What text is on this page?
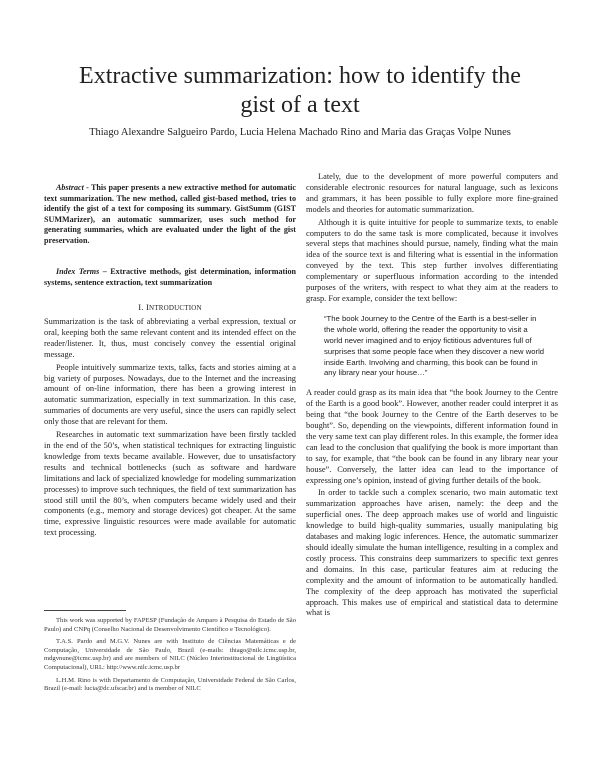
Extractive summarization: how to identify the
gist of a text
Thiago Alexandre Salgueiro Pardo, Lucia Helena Machado Rino and Maria das Graças Volpe Nunes

Abstract - This paper presents a new extractive method for automatic text summarization. The new method, called gist-based method, tries to identify the gist of a text for composing its summary. GistSumm (GIST SUMMarizer), an automatic summarizer, uses such method for generating summaries, which are evaluated under the light of the gist preservation.

Index Terms – Extractive methods, gist determination, information systems, sentence extraction, text summarization

I. INTRODUCTION

Summarization is the task of abbreviating a verbal expression, textual or oral, keeping both the same relevant content and its intended effect on the reader/listener. It, thus, must concisely convey the essential original message.

People intuitively summarize texts, talks, facts and stories aiming at a big variety of purposes. Nowadays, due to the Internet and the increasing amount of on-line information, there has been a growing interest in automatic summarization, especially in text summarization. In this case, summaries of documents are very useful, since the users can rapidly select only those that are relevant for them.

Researches in automatic text summarization have been firstly tackled in the end of the 50’s, when statistical techniques for extracting linguistic knowledge from texts became available. However, due to unsatisfactory results and technical bottlenecks (such as software and hardware limitations and lack of specialized knowledge for modeling summarization processes) to improve such techniques, the field of text summarization has stood still until the 80’s, when computers became widely used and their components (e.g., memory and storage devices) got cheaper. At the same time, expressive linguistic resources were made available for automatic text processing.

This work was supported by FAPESP (Fundação de Amparo à Pesquisa do Estado de São Paulo) and CNPq (Conselho Nacional de Desenvolvimento Científico e Tecnológico).

T.A.S. Pardo and M.G.V. Nunes are with Instituto de Ciências Matemáticas e de Computação, Universidade de São Paulo, Brazil (e-mails: thiago@nilc.icmc.usp.br, mdgvnune@icmc.usp.br) and are members of NILC (Núcleo Interinstitucional de Lingüística Computacional), URL: http://www.nilc.icmc.usp.br

L.H.M. Rino is with Departamento de Computação, Universidade Federal de São Carlos, Brazil (e-mail: lucia@dc.ufscar.br) and is member of NILC

Lately, due to the development of more powerful computers and considerable electronic resources for natural language, such as lexicons and grammars, it has been possible to fully explore more fine-grained models and theories for automatic summarization.

Although it is quite intuitive for people to summarize texts, to enable computers to do the same task is more complicated, because it involves several steps that machines should pursue, namely, finding what the main idea of the source text is and filtering what is essential in the information conveyed by the text. This step further involves differentiating complementary or superfluous information according to the intended purposes of the writers, with respect to what they aim at the readers to grasp. For example, consider the text bellow:

“The book Journey to the Centre of the Earth is a best-seller in the whole world, offering the reader the opportunity to visit a world never imagined and to enjoy fictitious adventures full of surprises that some people face when they discover a new world inside Earth. Involving and charming, this book can be found in any library near your house…”

A reader could grasp as its main idea that “the book Journey to the Centre of the Earth is a good book”. However, another reader could interpret it as being that “the book Journey to the Centre of the Earth deserves to be bought”. So, depending on the viewpoints, different information found in the very same text can play different roles. In this example, the former idea can lead to the conclusion that qualifying the book is more important than to say, for example, that “the book can be found in any library near your house”. Conversely, the latter idea can lead to the importance of expressing one’s opinion, instead of giving further details of the book.

In order to tackle such a complex scenario, two main automatic text summarization approaches have arisen, namely: the deep and the superficial ones. The deep approach makes use of world and linguistic knowledge to build high-quality summaries, usually manipulating big databases and making logic inferences. Hence, the automatic summarizer should ideally simulate the human intelligence, resulting in a complex and costly process. This constrains deep summarizers to specific text genres and domains. In this case, particular features aim at reducing the complexity and the amount of information to be automatically handled. The complexity of the deep approach has motivated the superficial approach. This makes use of empirical and statistical data to determine what is
